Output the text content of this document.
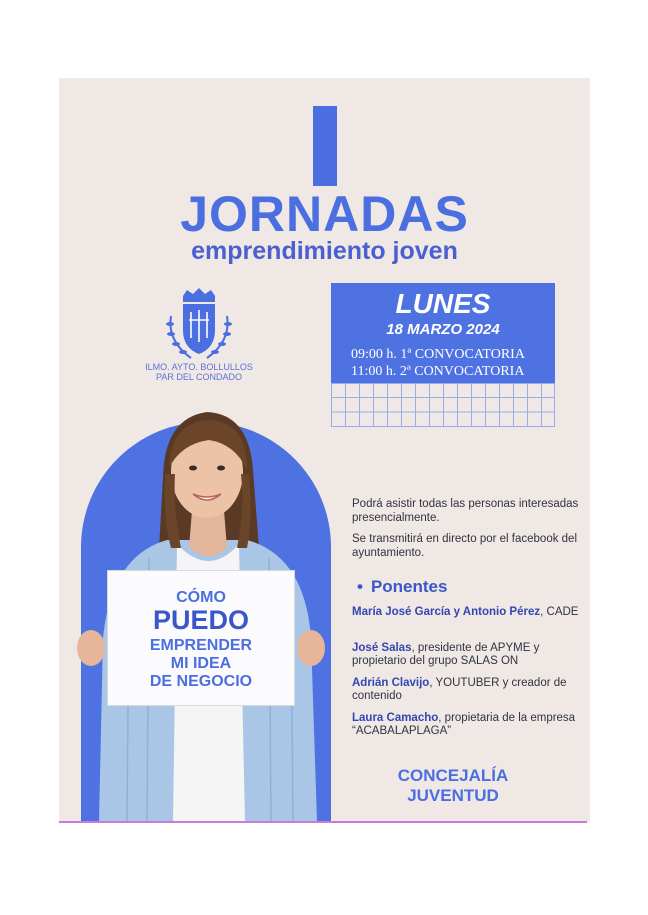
JORNADAS
emprendimiento joven
ILMO. AYTO. BOLLULLOS
PAR DEL CONDADO
LUNES
18 MARZO 2024
09:00 h. 1ª CONVOCATORIA
11:00 h. 2ª CONVOCATORIA
CÓMO
PUEDO
EMPRENDER
MI IDEA
DE NEGOCIO
Podrá asistir todas las personas interesadas presencialmente.
Se transmitirá en directo por el facebook del ayuntamiento.
• Ponentes
María José García y Antonio Pérez, CADE
José Salas, presidente de APYME y propietario del grupo SALAS ON
Adrián Clavijo, YOUTUBER y creador de contenido
Laura Camacho, propietaria de la empresa “ACABALAPLAGA”
CONCEJALÍA
JUVENTUD
